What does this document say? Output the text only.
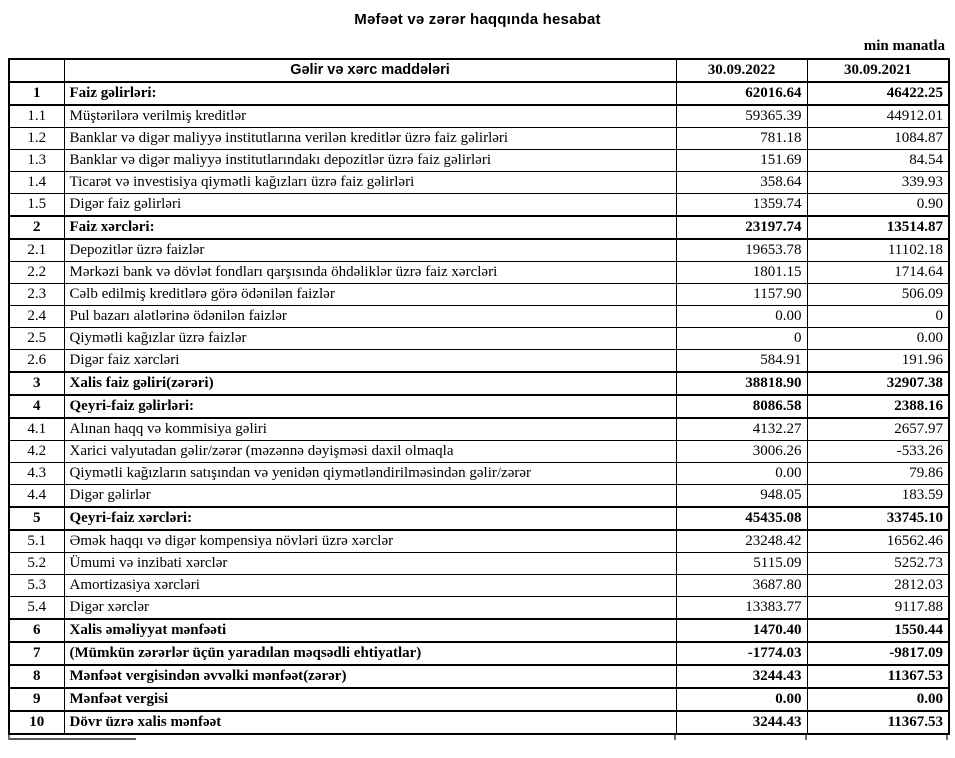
Məfəət və zərər haqqında hesabat
min manatla
	Gəlir və xərc maddələri	30.09.2022	30.09.2021
1	Faiz gəlirləri:	62016.64	46422.25
1.1	Müştərilərə verilmiş kreditlər	59365.39	44912.01
1.2	Banklar və digər maliyyə institutlarına verilən kreditlər üzrə faiz gəlirləri	781.18	1084.87
1.3	Banklar və digər maliyyə institutlarındakı depozitlər üzrə faiz gəlirləri	151.69	84.54
1.4	Ticarət və investisiya qiymətli kağızları üzrə faiz gəlirləri	358.64	339.93
1.5	Digər faiz gəlirləri	1359.74	0.90
2	Faiz xərcləri:	23197.74	13514.87
2.1	Depozitlər üzrə faizlər	19653.78	11102.18
2.2	Mərkəzi bank və dövlət fondları qarşısında öhdəliklər üzrə faiz xərcləri	1801.15	1714.64
2.3	Cəlb edilmiş kreditlərə görə ödənilən faizlər	1157.90	506.09
2.4	Pul bazarı alətlərinə ödənilən faizlər	0.00	0
2.5	Qiymətli kağızlar üzrə faizlər	0	0.00
2.6	Digər faiz xərcləri	584.91	191.96
3	Xalis faiz gəliri(zərəri)	38818.90	32907.38
4	Qeyri-faiz gəlirləri:	8086.58	2388.16
4.1	Alınan haqq və kommisiya gəliri	4132.27	2657.97
4.2	Xarici valyutadan gəlir/zərər (məzənnə dəyişməsi daxil olmaqla	3006.26	-533.26
4.3	Qiymətli kağızların satışından və yenidən qiymətləndirilməsindən gəlir/zərər	0.00	79.86
4.4	Digər gəlirlər	948.05	183.59
5	Qeyri-faiz xərcləri:	45435.08	33745.10
5.1	Əmək haqqı və digər kompensiya növləri üzrə xərclər	23248.42	16562.46
5.2	Ümumi və inzibati xərclər	5115.09	5252.73
5.3	Amortizasiya xərcləri	3687.80	2812.03
5.4	Digər xərclər	13383.77	9117.88
6	Xalis əməliyyat mənfəəti	1470.40	1550.44
7	(Mümkün zərərlər üçün yaradılan məqsədli ehtiyatlar)	-1774.03	-9817.09
8	Mənfəət vergisindən əvvəlki mənfəət(zərər)	3244.43	11367.53
9	Mənfəət vergisi	0.00	0.00
10	Dövr üzrə xalis mənfəət	3244.43	11367.53
